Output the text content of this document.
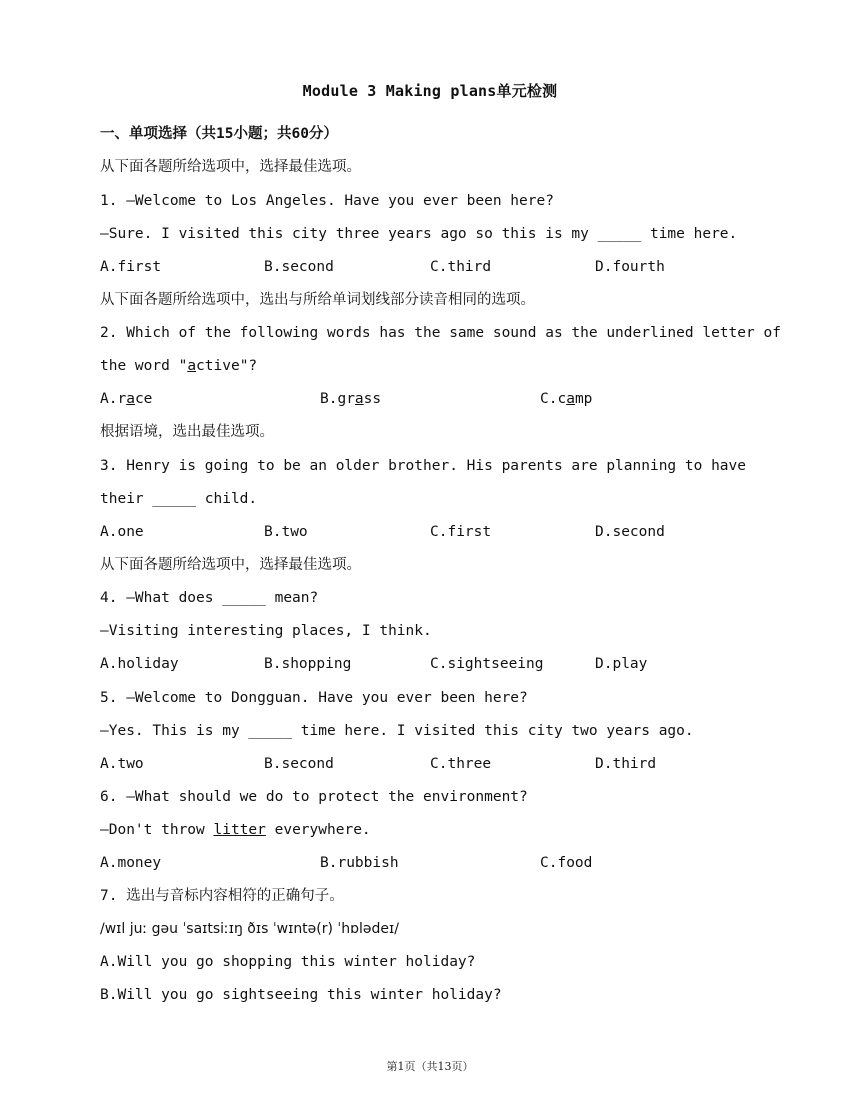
Module 3 Making plans单元检测
一、单项选择（共15小题；共60分）
从下面各题所给选项中，选择最佳选项。
1. —Welcome to Los Angeles. Have you ever been here?
—Sure. I visited this city three years ago so this is my _____ time here.
A.first	B.second	C.third	D.fourth
从下面各题所给选项中，选出与所给单词划线部分读音相同的选项。
2. Which of the following words has the same sound as the underlined letter of
the word "active"?
A.race	B.grass	C.camp
根据语境，选出最佳选项。
3. Henry is going to be an older brother. His parents are planning to have
their _____ child.
A.one	B.two	C.first	D.second
从下面各题所给选项中，选择最佳选项。
4. —What does _____ mean?
—Visiting interesting places, I think.
A.holiday	B.shopping	C.sightseeing	D.play
5. —Welcome to Dongguan. Have you ever been here?
—Yes. This is my _____ time here. I visited this city two years ago.
A.two	B.second	C.three	D.third
6. —What should we do to protect the environment?
—Don't throw litter everywhere.
A.money	B.rubbish	C.food
7. 选出与音标内容相符的正确句子。
/wɪl juː gəu ˈsaɪtsiːɪŋ ðɪs ˈwɪntə(r) ˈhɒlədeɪ/
A.Will you go shopping this winter holiday?
B.Will you go sightseeing this winter holiday?
第1页（共13页）
